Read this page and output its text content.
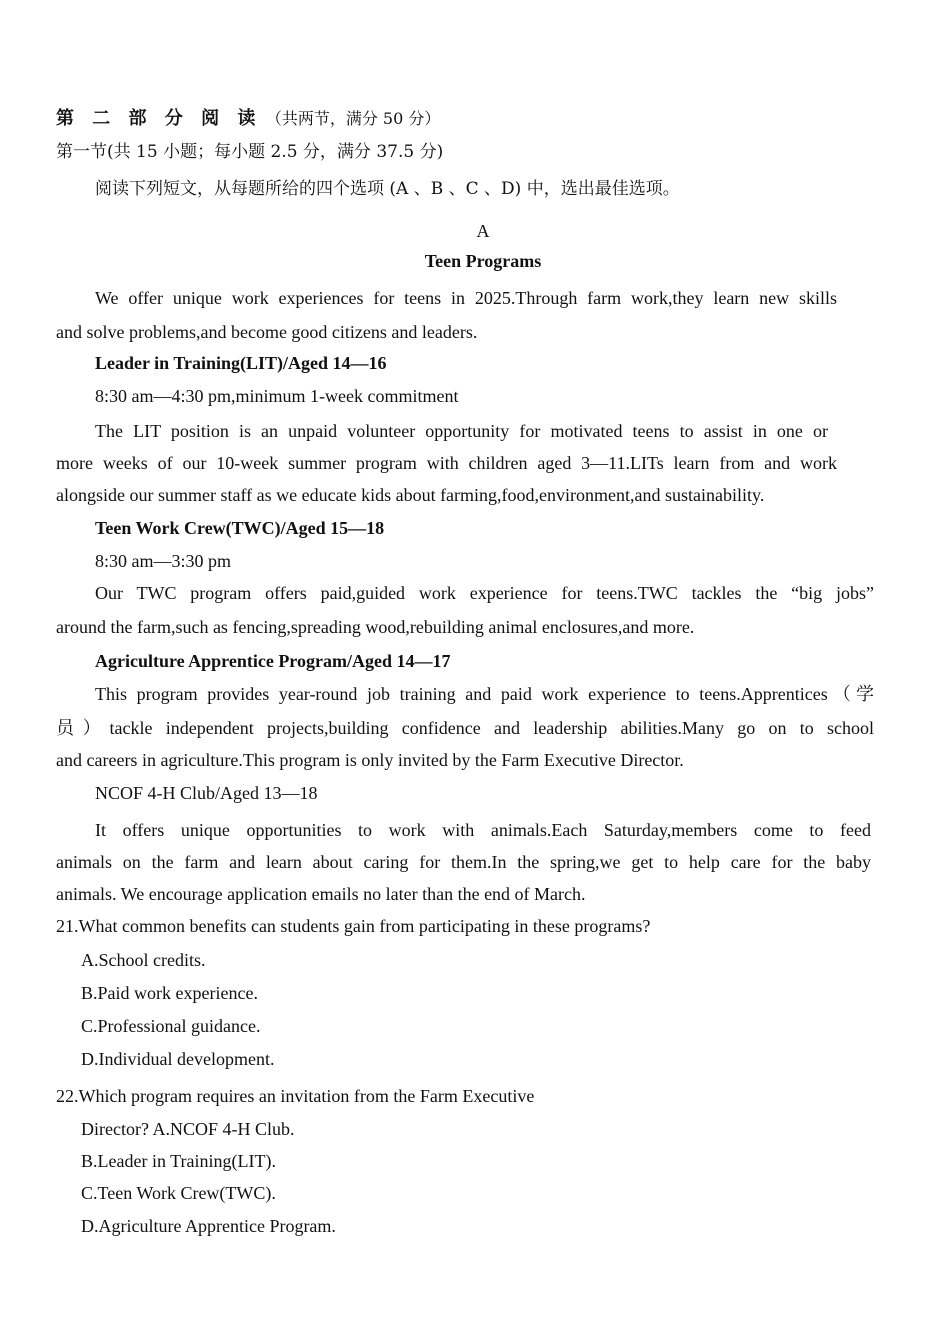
第 二 部 分 阅 读 （共两节，满分 50 分）
第一节(共 15 小题；每小题 2.5 分，满分 37.5 分)
阅读下列短文，从每题所给的四个选项 (A 、B 、C 、D) 中，选出最佳选项。
A
Teen Programs
We offer unique work experiences for teens in 2025.Through farm work,they learn new skills
and solve problems,and become good citizens and leaders.
Leader in Training(LIT)/Aged 14—16
8:30 am—4:30 pm,minimum 1-week commitment
The LIT position is an unpaid volunteer opportunity for motivated teens to assist in one or
more weeks of our 10-week summer program with children aged 3—11.LITs learn from and work
alongside our summer staff as we educate kids about farming,food,environment,and sustainability.
Teen Work Crew(TWC)/Aged 15—18
8:30 am—3:30 pm
Our TWC program offers paid,guided work experience for teens.TWC tackles the “big jobs”
around the farm,such as fencing,spreading wood,rebuilding animal enclosures,and more.
Agriculture Apprentice Program/Aged 14—17
This program provides year-round job training and paid work experience to teens.Apprentices（学
员）tackle independent projects,building confidence and leadership abilities.Many go on to school
and careers in agriculture.This program is only invited by the Farm Executive Director.
NCOF 4-H Club/Aged 13—18
It offers unique opportunities to work with animals.Each Saturday,members come to feed
animals on the farm and learn about caring for them.In the spring,we get to help care for the baby
animals. We encourage application emails no later than the end of March.
21.What common benefits can students gain from participating in these programs?
A.School credits.
B.Paid work experience.
C.Professional guidance.
D.Individual development.
22.Which program requires an invitation from the Farm Executive
Director? A.NCOF 4-H Club.
B.Leader in Training(LIT).
C.Teen Work Crew(TWC).
D.Agriculture Apprentice Program.
